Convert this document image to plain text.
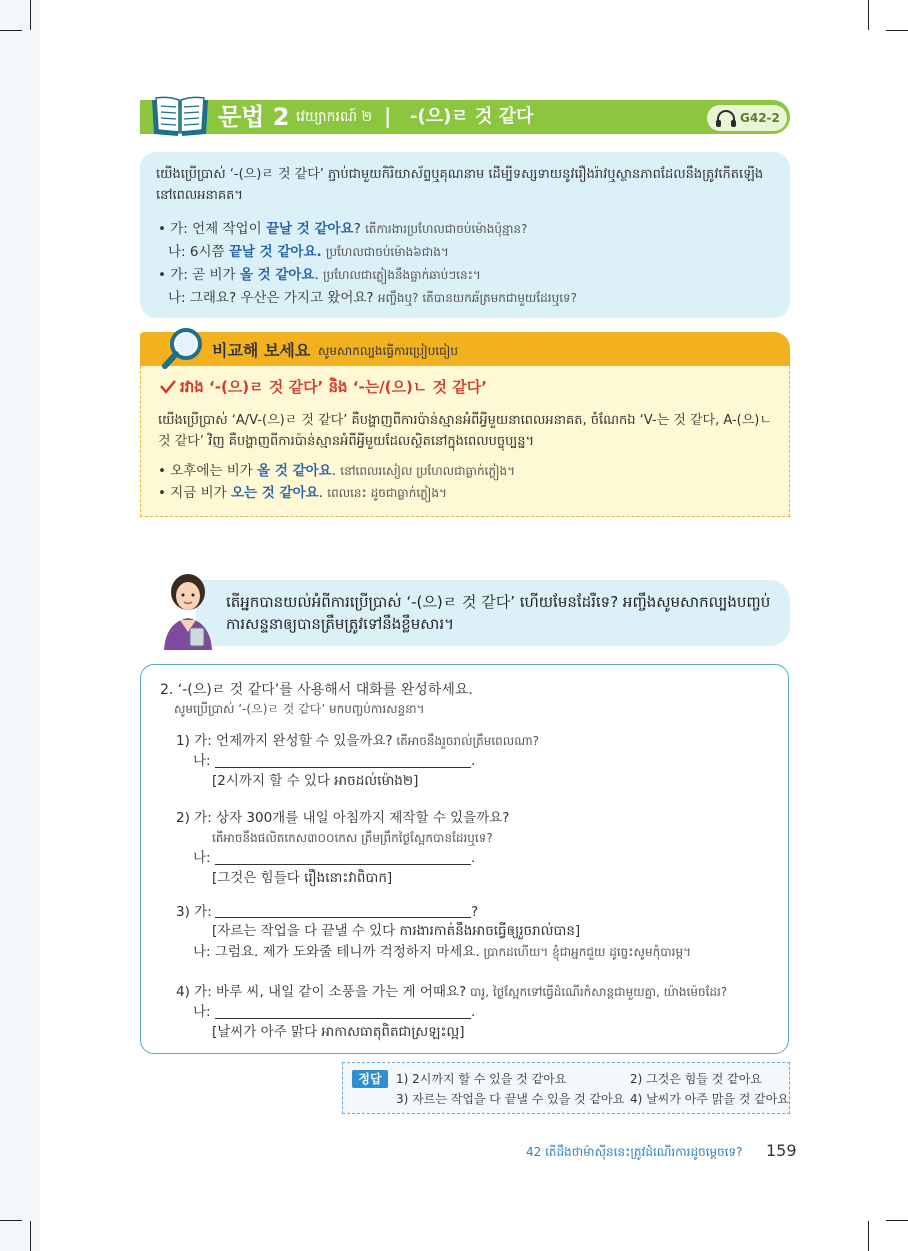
문법 2 វេយ្យាករណ៍ ២ | -(으)ㄹ 것 같다	G42-2
យើងប្រើប្រាស់ ‘-(으)ㄹ 것 같다’ ភ្ជាប់ជាមួយកិរិយាស័ព្ទឬគុណនាម ដើម្បីទស្សទាយនូវរឿងរ៉ាវឬស្ថានភាពដែលនឹងត្រូវកើតឡើងនៅពេលអនាគត។
• 가: 언제 작업이 끝날 것 같아요? តើការងារប្រហែលជាចប់ម៉ោងប៉ុន្មាន?
나: 6시쯤 끝날 것 같아요. ប្រហែលជាចប់ម៉ោង៦ជាង។
• 가: 곧 비가 올 것 같아요. ប្រហែលជាភ្លៀងនឹងធ្លាក់ឆាប់ៗនេះ។
나: 그래요? 우산은 가지고 왔어요? អញ្ចឹងឬ? តើបានយកឆ័ត្រមកជាមួយដែរឬទេ?
비교해 보세요 សូមសាកល្បងធ្វើការប្រៀបធៀប
រវាង ‘-(으)ㄹ 것 같다’ និង ‘-는/(으)ㄴ 것 같다’
យើងប្រើប្រាស់ ‘A/V-(으)ㄹ 것 같다’ គឺបង្ហាញពីការប៉ាន់ស្មានអំពីអ្វីមួយនាពេលអនាគត, ចំណែកឯ ‘V-는 것 같다, A-(으)ㄴ 것 같다’ វិញ គឺបង្ហាញពីការប៉ាន់ស្មានអំពីអ្វីមួយដែលស្ថិតនៅក្នុងពេលបច្ចុប្បន្ន។
• 오후에는 비가 올 것 같아요. នៅពេលរសៀល ប្រហែលជាធ្លាក់ភ្លៀង។
• 지금 비가 오는 것 같아요. ពេលនេះ ដូចជាធ្លាក់ភ្លៀង។
តើអ្នកបានយល់អំពីការប្រើប្រាស់ ‘-(으)ㄹ 것 같다’ ហើយមែនដែរឺទេ? អញ្ចឹងសូមសាកល្បងបញ្ចប់ការសន្ទនាឲ្យបានត្រឹមត្រូវទៅនឹងខ្លឹមសារ។
2. ‘-(으)ㄹ 것 같다’를 사용해서 대화를 완성하세요.
សូមប្រើប្រាស់ ‘-(으)ㄹ 것 같다’ មកបញ្ចប់ការសន្ទនា។
1) 가: 언제까지 완성할 수 있을까요? តើអាចនឹងរួចរាល់ត្រឹមពេលណា?
나:	.
[2시까지 할 수 있다 អាចដល់ម៉ោង២]
2) 가: 상자 300개를 내일 아침까지 제작할 수 있을까요?
តើអាចនឹងផលិតកេស៣០០កេស ត្រឹមព្រឹកថ្ងៃស្អែកបានដែរឬទេ?
나:	.
[그것은 힘들다 រឿងនោះវាពិបាក]
3) 가:	?
[자르는 작업을 다 끝낼 수 있다 ការងារកាត់នឹងអាចធ្វើឲ្យរួចរាល់បាន]
나: 그럼요. 제가 도와줄 테니까 걱정하지 마세요. ប្រាកដហើយ។ ខ្ញុំជាអ្នកជួយ ដូច្នេះសូមកុំបារម្ភ។
4) 가: 바루 씨, 내일 같이 소풍을 가는 게 어때요? បារូ, ថ្ងៃស្អែកទៅធ្វើដំណើរកំសាន្តជាមួយគ្នា, យ៉ាងម៉េចដែរ?
나:	.
[날씨가 아주 맑다 អាកាសធាតុពិតជាស្រឡះល្អ]
정답	1) 2시까지 할 수 있을 것 같아요	2) 그것은 힘들 것 같아요
3) 자르는 작업을 다 끝낼 수 있을 것 같아요 4) 날씨가 아주 맑을 것 같아요
42 តើដឹងថាម៉ាស៊ីននេះត្រូវដំណើរការដូចម្ដេចទេ? 159
